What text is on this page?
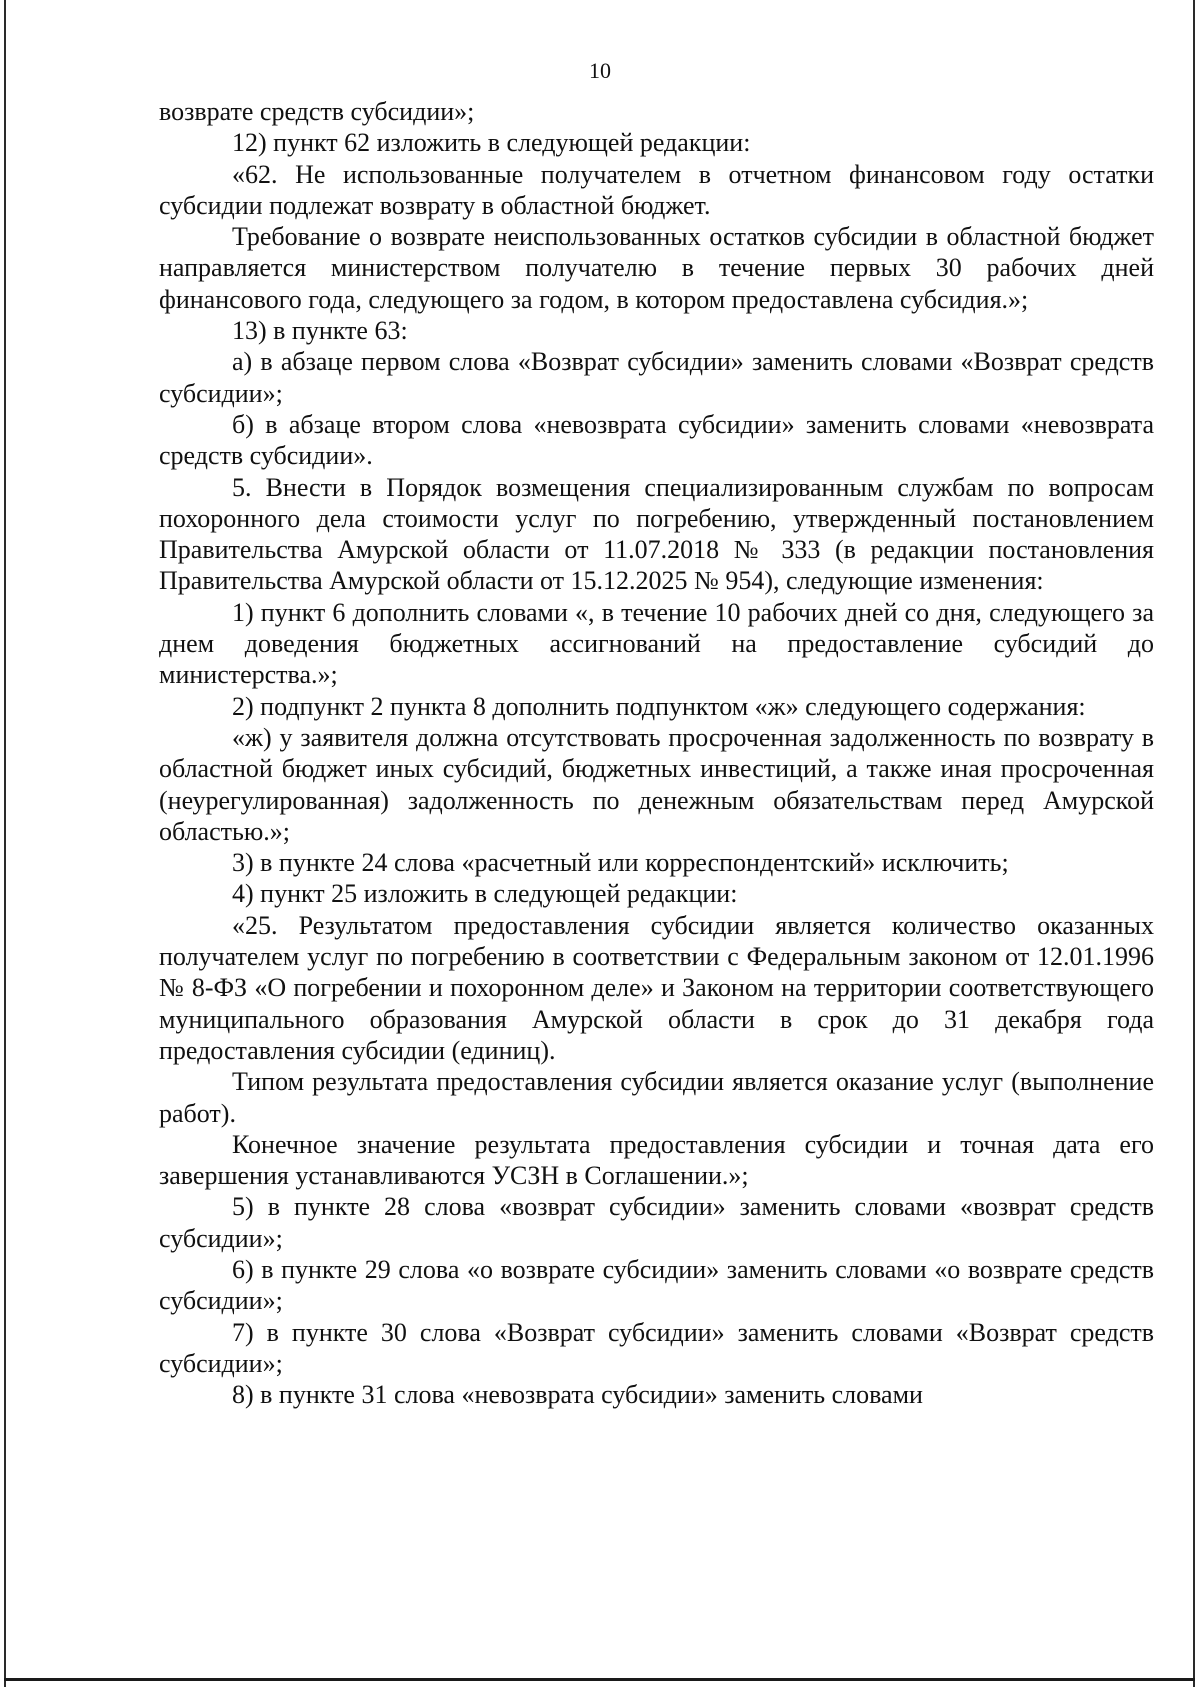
10

возврате средств субсидии»;

12) пункт 62 изложить в следующей редакции:

«62. Не использованные получателем в отчетном финансовом году остатки субсидии подлежат возврату в областной бюджет.

Требование о возврате неиспользованных остатков субсидии в областной бюджет направляется министерством получателю в течение первых 30 рабочих дней финансового года, следующего за годом, в котором предоставлена субсидия.»;

13) в пункте 63:

а) в абзаце первом слова «Возврат субсидии» заменить словами «Возврат средств субсидии»;

б) в абзаце втором слова «невозврата субсидии» заменить словами «невозврата средств субсидии».

5. Внести в Порядок возмещения специализированным службам по вопросам похоронного дела стоимости услуг по погребению, утвержденный постановлением Правительства Амурской области от 11.07.2018 № 333 (в редакции постановления Правительства Амурской области от 15.12.2025 № 954), следующие изменения:

1) пункт 6 дополнить словами «, в течение 10 рабочих дней со дня, следующего за днем доведения бюджетных ассигнований на предоставление субсидий до министерства.»;

2) подпункт 2 пункта 8 дополнить подпунктом «ж» следующего содержания:

«ж) у заявителя должна отсутствовать просроченная задолженность по возврату в областной бюджет иных субсидий, бюджетных инвестиций, а также иная просроченная (неурегулированная) задолженность по денежным обязательствам перед Амурской областью.»;

3) в пункте 24 слова «расчетный или корреспондентский» исключить;

4) пункт 25 изложить в следующей редакции:

«25. Результатом предоставления субсидии является количество оказанных получателем услуг по погребению в соответствии с Федеральным законом от 12.01.1996 № 8-ФЗ «О погребении и похоронном деле» и Законом на территории соответствующего муниципального образования Амурской области в срок до 31 декабря года предоставления субсидии (единиц).

Типом результата предоставления субсидии является оказание услуг (выполнение работ).

Конечное значение результата предоставления субсидии и точная дата его завершения устанавливаются УСЗН в Соглашении.»;

5) в пункте 28 слова «возврат субсидии» заменить словами «возврат средств субсидии»;

6) в пункте 29 слова «о возврате субсидии» заменить словами «о возврате средств субсидии»;

7) в пункте 30 слова «Возврат субсидии» заменить словами «Возврат средств субсидии»;

8) в пункте 31 слова «невозврата субсидии» заменить словами
